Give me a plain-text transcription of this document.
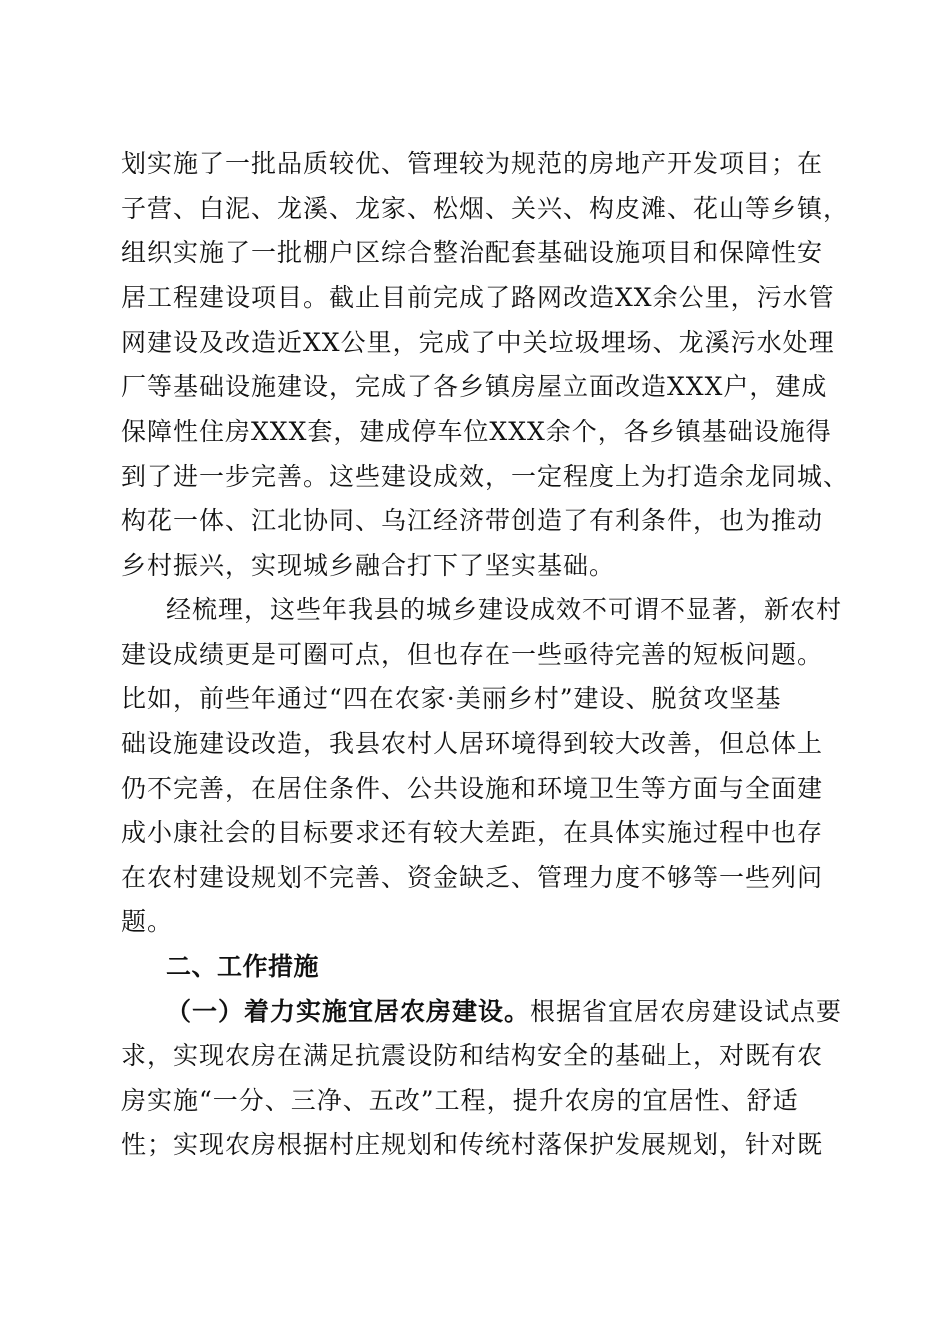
划实施了一批品质较优、管理较为规范的房地产开发项目；在
子营、白泥、龙溪、龙家、松烟、关兴、构皮滩、花山等乡镇，
组织实施了一批棚户区综合整治配套基础设施项目和保障性安
居工程建设项目。截止目前完成了路网改造XX余公里，污水管
网建设及改造近XX公里，完成了中关垃圾埋场、龙溪污水处理
厂等基础设施建设，完成了各乡镇房屋立面改造XXX户，建成
保障性住房XXX套，建成停车位XXX余个，各乡镇基础设施得
到了进一步完善。这些建设成效，一定程度上为打造余龙同城、
构花一体、江北协同、乌江经济带创造了有利条件，也为推动
乡村振兴，实现城乡融合打下了坚实基础。
经梳理，这些年我县的城乡建设成效不可谓不显著，新农村
建设成绩更是可圈可点，但也存在一些亟待完善的短板问题。
比如，前些年通过“四在农家·美丽乡村”建设、脱贫攻坚基
础设施建设改造，我县农村人居环境得到较大改善，但总体上
仍不完善，在居住条件、公共设施和环境卫生等方面与全面建
成小康社会的目标要求还有较大差距，在具体实施过程中也存
在农村建设规划不完善、资金缺乏、管理力度不够等一些列问
题。
二、工作措施
（一）着力实施宜居农房建设。根据省宜居农房建设试点要
求，实现农房在满足抗震设防和结构安全的基础上，对既有农
房实施“一分、三净、五改”工程，提升农房的宜居性、舒适
性；实现农房根据村庄规划和传统村落保护发展规划，针对既
